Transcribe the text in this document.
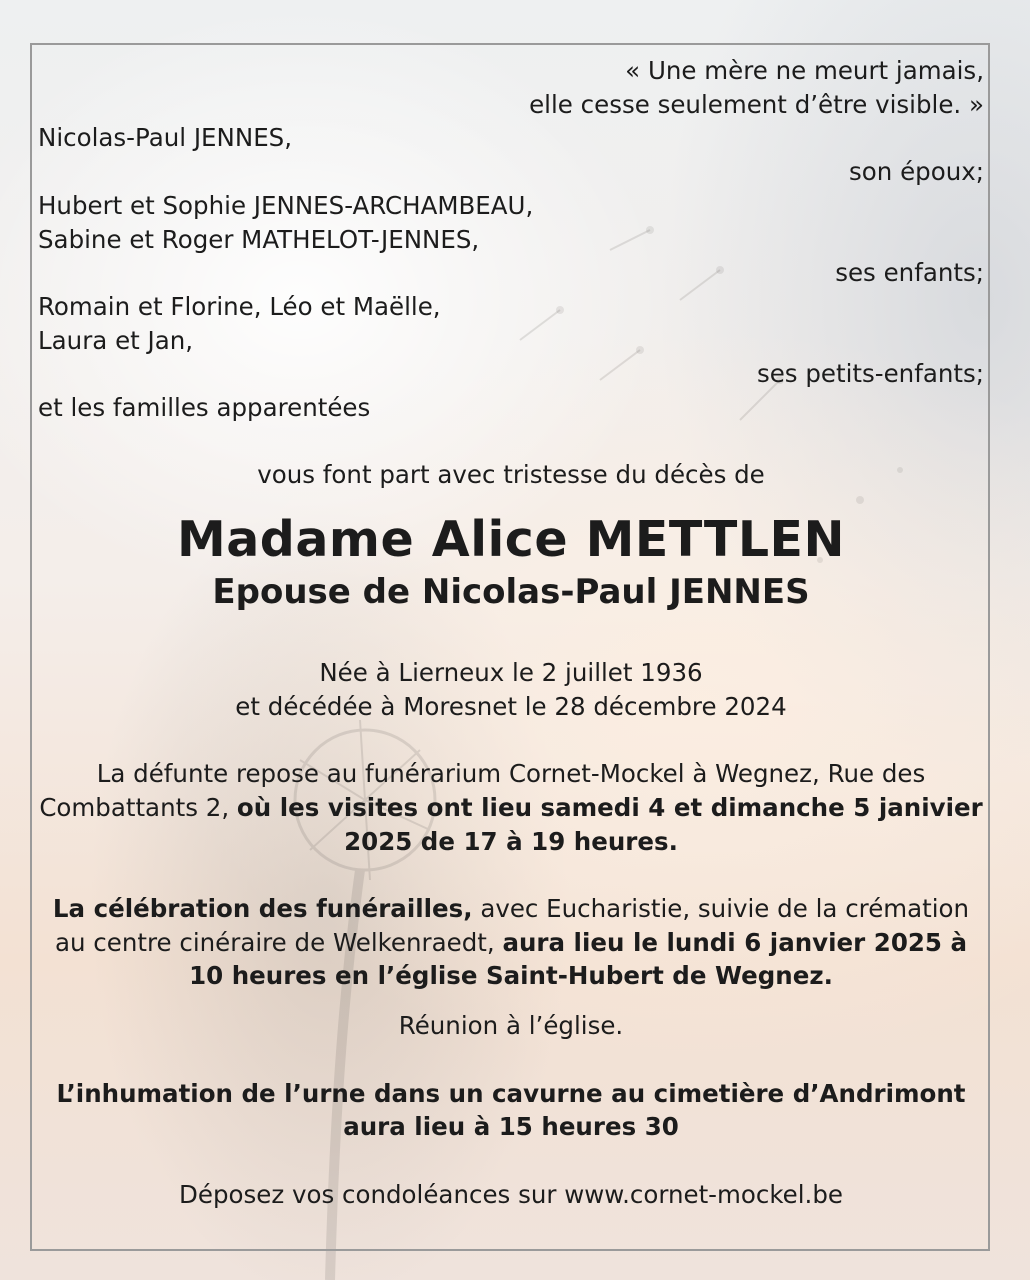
« Une mère ne meurt jamais,
elle cesse seulement d’être visible. »
Nicolas-Paul JENNES,
son époux;
Hubert et Sophie JENNES-ARCHAMBEAU,
Sabine et Roger MATHELOT-JENNES,
ses enfants;
Romain et Florine, Léo et Maëlle,
Laura et Jan,
ses petits-enfants;
et les familles apparentées
vous font part avec tristesse du décès de
Madame Alice METTLEN
Epouse de Nicolas-Paul JENNES
Née à Lierneux le 2 juillet 1936
et décédée à Moresnet le 28 décembre 2024
La défunte repose au funérarium Cornet-Mockel à Wegnez, Rue des
Combattants 2, où les visites ont lieu samedi 4 et dimanche 5 janivier
2025 de 17 à 19 heures.
La célébration des funérailles, avec Eucharistie, suivie de la crémation
au centre cinéraire de Welkenraedt, aura lieu le lundi 6 janvier 2025 à
10 heures en l’église Saint-Hubert de Wegnez.
Réunion à l’église.
L’inhumation de l’urne dans un cavurne au cimetière d’Andrimont
aura lieu à 15 heures 30
Déposez vos condoléances sur www.cornet-mockel.be
